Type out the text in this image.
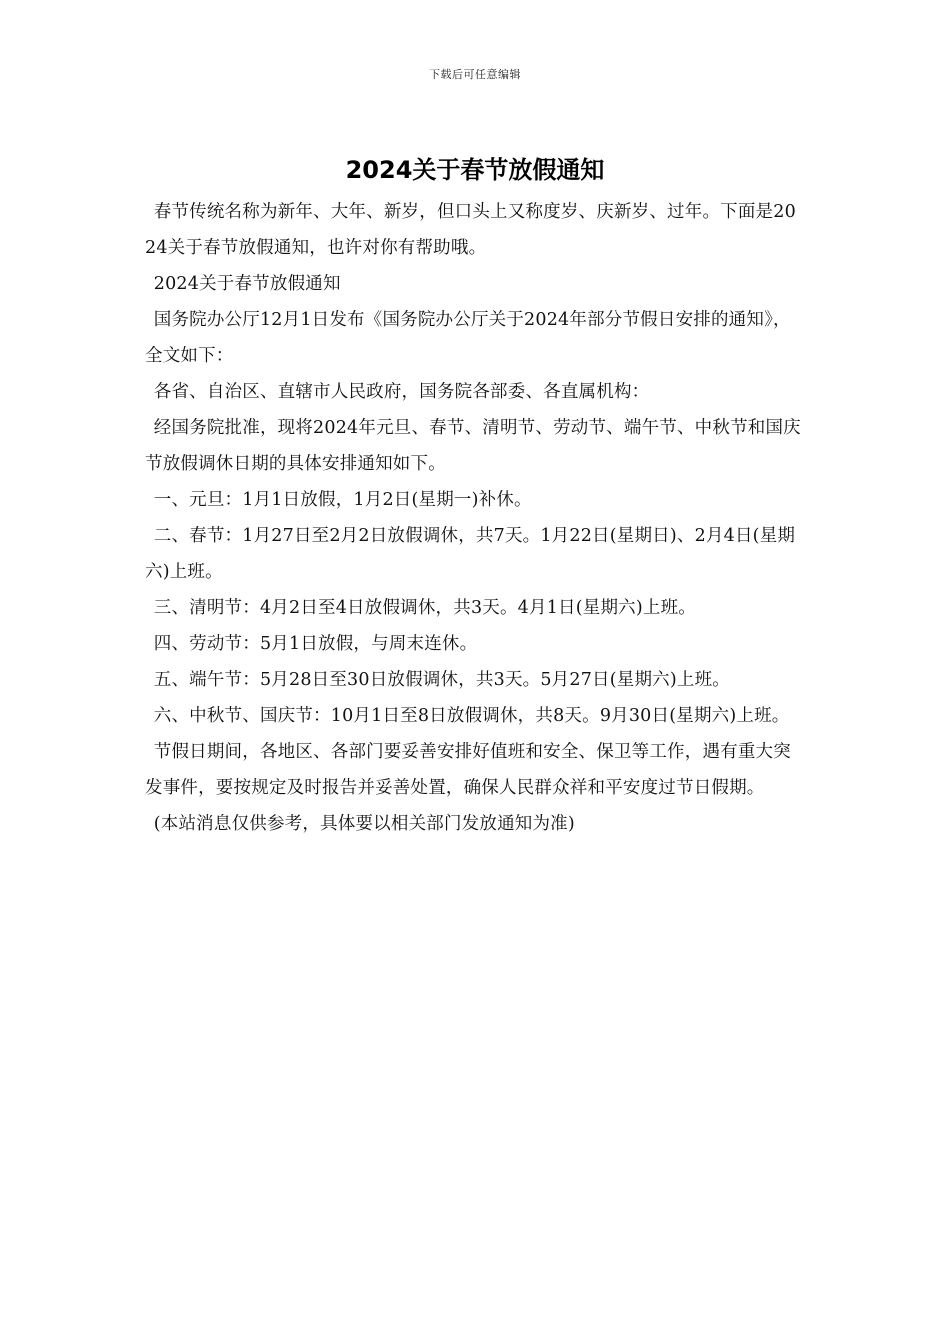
下载后可任意编辑
2024关于春节放假通知

春节传统名称为新年、大年、新岁，但口头上又称度岁、庆新岁、过年。下面是2024关于春节放假通知，也许对你有帮助哦。

2024关于春节放假通知

国务院办公厅12月1日发布《国务院办公厅关于2024年部分节假日安排的通知》，全文如下：

各省、自治区、直辖市人民政府，国务院各部委、各直属机构：

经国务院批准，现将2024年元旦、春节、清明节、劳动节、端午节、中秋节和国庆节放假调休日期的具体安排通知如下。

一、元旦：1月1日放假，1月2日(星期一)补休。

二、春节：1月27日至2月2日放假调休，共7天。1月22日(星期日)、2月4日(星期六)上班。

三、清明节：4月2日至4日放假调休，共3天。4月1日(星期六)上班。

四、劳动节：5月1日放假，与周末连休。

五、端午节：5月28日至30日放假调休，共3天。5月27日(星期六)上班。

六、中秋节、国庆节：10月1日至8日放假调休，共8天。9月30日(星期六)上班。

节假日期间，各地区、各部门要妥善安排好值班和安全、保卫等工作，遇有重大突发事件，要按规定及时报告并妥善处置，确保人民群众祥和平安度过节日假期。

(本站消息仅供参考，具体要以相关部门发放通知为准)
